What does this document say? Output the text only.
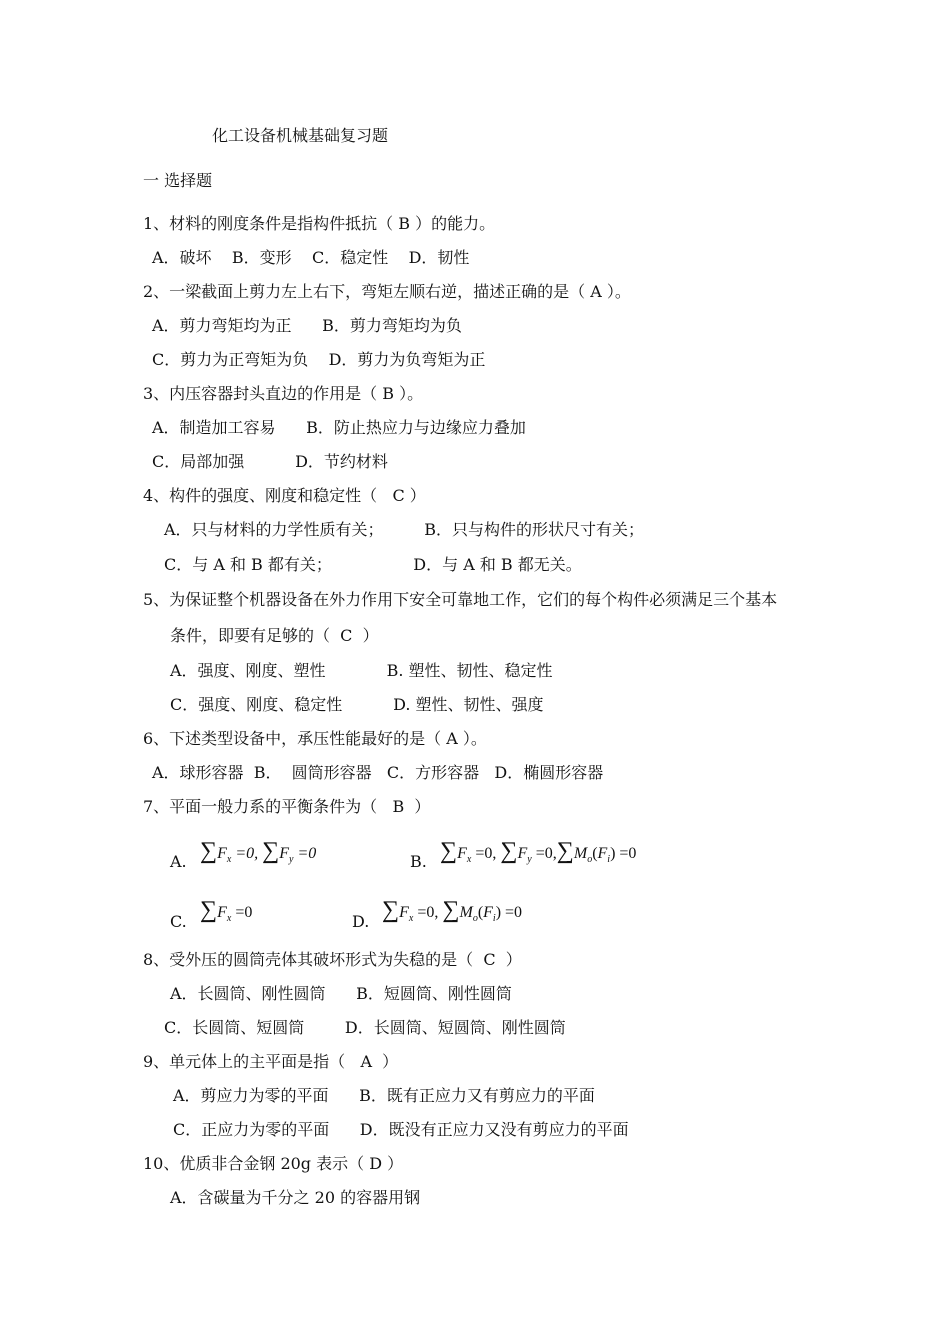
化工设备机械基础复习题
一 选择题
1、材料的刚度条件是指构件抵抗（ B ）的能力。
A．破坏    B．变形    C．稳定性    D．韧性
2、一梁截面上剪力左上右下，弯矩左顺右逆，描述正确的是（ A ）。
A．剪力弯矩均为正      B．剪力弯矩均为负
C．剪力为正弯矩为负    D．剪力为负弯矩为正
3、内压容器封头直边的作用是（ B ）。
A．制造加工容易      B．防止热应力与边缘应力叠加
C．局部加强          D．节约材料
4、构件的强度、刚度和稳定性（   C ）
A．只与材料的力学性质有关；        B．只与构件的形状尺寸有关；
C．与 A 和 B 都有关；                D．与 A 和 B 都无关。
5、为保证整个机器设备在外力作用下安全可靠地工作，它们的每个构件必须满足三个基本
条件，即要有足够的（  C  ）
A．强度、刚度、塑性            B. 塑性、韧性、稳定性
C．强度、刚度、稳定性          D. 塑性、韧性、强度
6、下述类型设备中，承压性能最好的是（ A ）。
A．球形容器  B．  圆筒形容器   C．方形容器   D．椭圆形容器
7、平面一般力系的平衡条件为（   B  ）
A. $\sum F_x =0$, $\sum F_y =0$	B. $\sum F_x =0$, $\sum F_y =0,\sum M_o(F_i) =0$
C. $\sum F_x =0$	D. $\sum F_x =0$, $\sum M_o(F_i) =0$
8、受外压的圆筒壳体其破坏形式为失稳的是（  C  ）
A．长圆筒、刚性圆筒      B．短圆筒、刚性圆筒
C．长圆筒、短圆筒        D．长圆筒、短圆筒、刚性圆筒
9、单元体上的主平面是指（   A  ）
A．剪应力为零的平面      B．既有正应力又有剪应力的平面
C．正应力为零的平面      D．既没有正应力又没有剪应力的平面
10、优质非合金钢 20g 表示（ D ）
A．含碳量为千分之 20 的容器用钢
